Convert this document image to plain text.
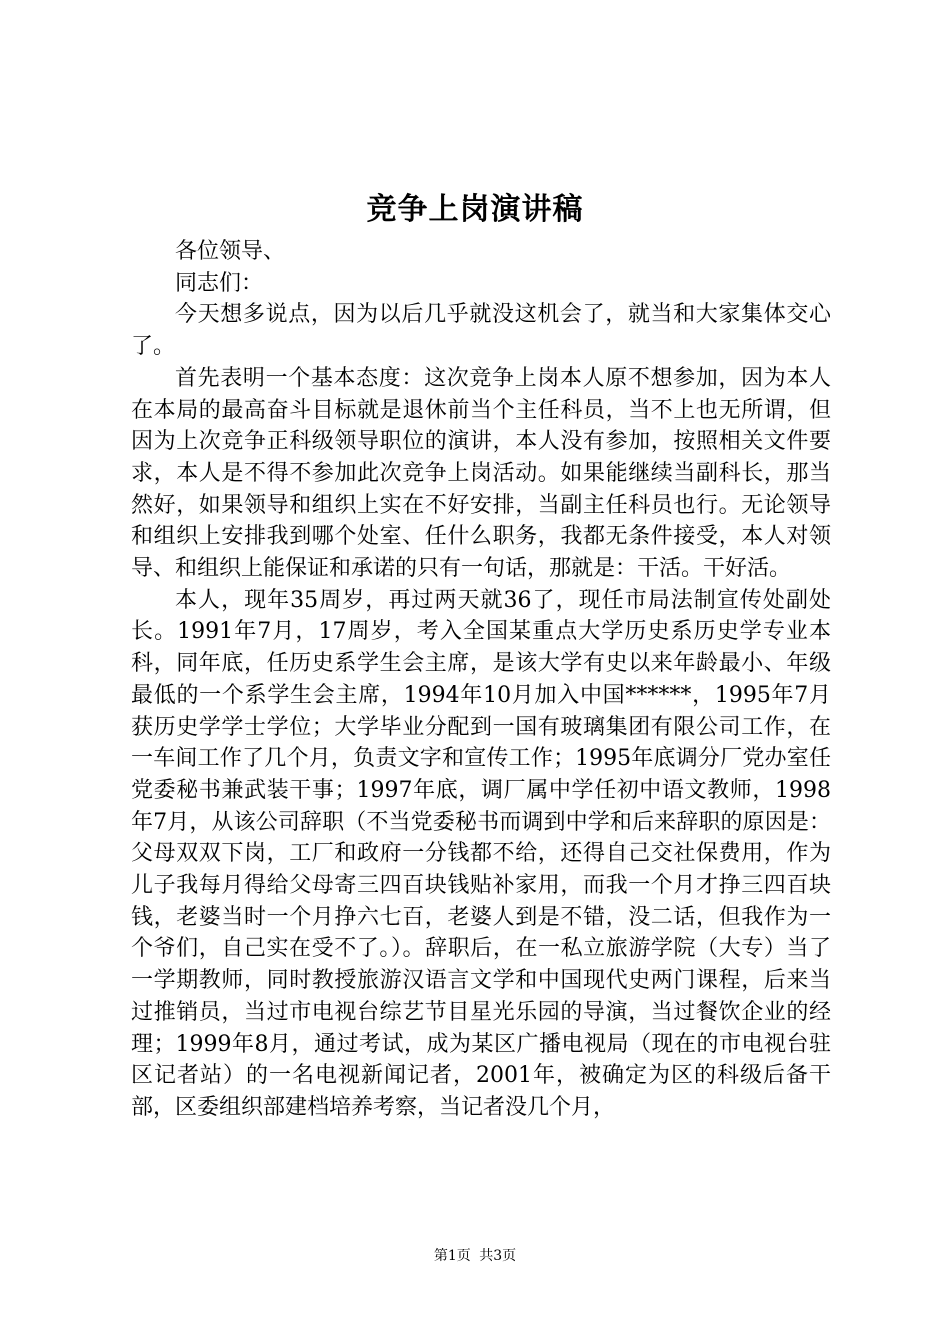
竞争上岗演讲稿

各位领导、

同志们：

今天想多说点，因为以后几乎就没这机会了，就当和大家集体交心了。

首先表明一个基本态度：这次竞争上岗本人原不想参加，因为本人在本局的最高奋斗目标就是退休前当个主任科员，当不上也无所谓，但因为上次竞争正科级领导职位的演讲，本人没有参加，按照相关文件要求，本人是不得不参加此次竞争上岗活动。如果能继续当副科长，那当然好，如果领导和组织上实在不好安排，当副主任科员也行。无论领导和组织上安排我到哪个处室、任什么职务，我都无条件接受，本人对领导、和组织上能保证和承诺的只有一句话，那就是：干活。干好活。

本人，现年35周岁，再过两天就36了，现任市局法制宣传处副处长。1991年7月，17周岁，考入全国某重点大学历史系历史学专业本科，同年底，任历史系学生会主席，是该大学有史以来年龄最小、年级最低的一个系学生会主席，1994年10月加入中国******，1995年7月获历史学学士学位；大学毕业分配到一国有玻璃集团有限公司工作，在一车间工作了几个月，负责文字和宣传工作；1995年底调分厂党办室任党委秘书兼武装干事；1997年底，调厂属中学任初中语文教师，1998年7月，从该公司辞职（不当党委秘书而调到中学和后来辞职的原因是：父母双双下岗，工厂和政府一分钱都不给，还得自己交社保费用，作为儿子我每月得给父母寄三四百块钱贴补家用，而我一个月才挣三四百块钱，老婆当时一个月挣六七百，老婆人到是不错，没二话，但我作为一个爷们，自己实在受不了。）。辞职后，在一私立旅游学院（大专）当了一学期教师，同时教授旅游汉语言文学和中国现代史两门课程，后来当过推销员，当过市电视台综艺节目星光乐园的导演，当过餐饮企业的经理；1999年8月，通过考试，成为某区广播电视局（现在的市电视台驻区记者站）的一名电视新闻记者，2001年，被确定为区的科级后备干部，区委组织部建档培养考察，当记者没几个月，

第1页 共3页
